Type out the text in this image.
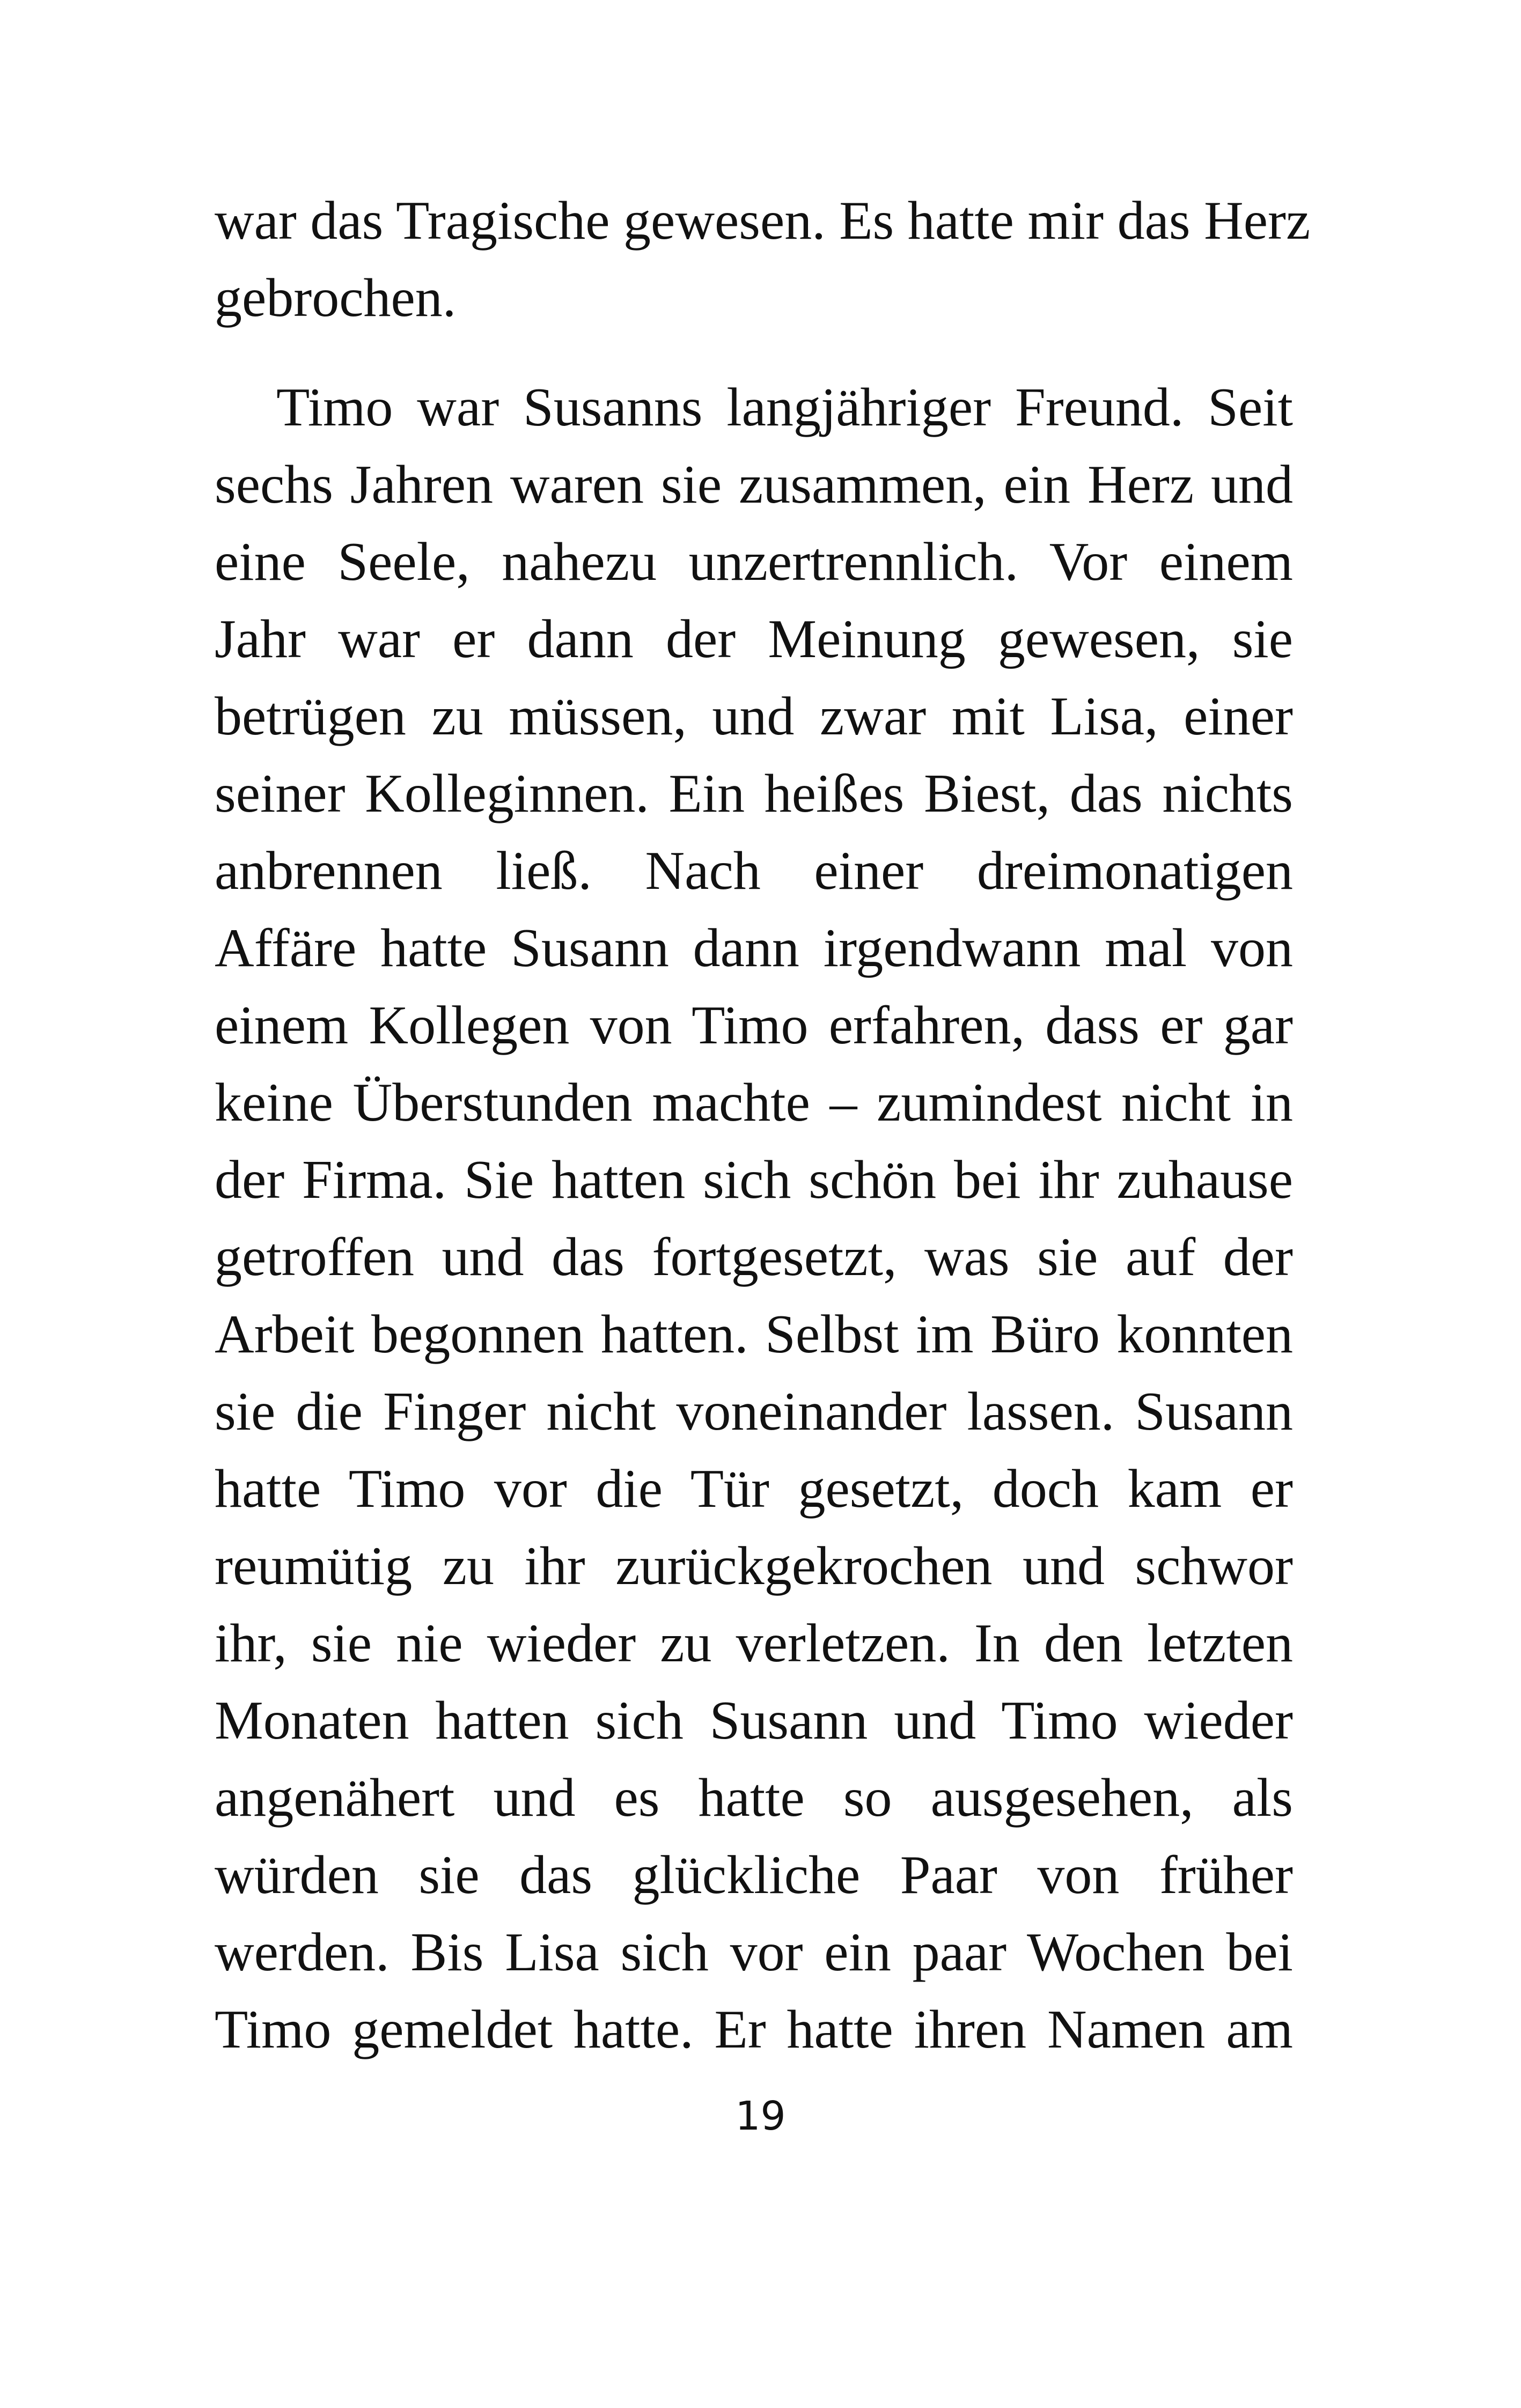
war das Tragische gewesen. Es hatte mir das Herz
gebrochen.
Timo war Susanns langjähriger Freund. Seit
sechs Jahren waren sie zusammen, ein Herz und
eine Seele, nahezu unzertrennlich. Vor einem
Jahr war er dann der Meinung gewesen, sie
betrügen zu müssen, und zwar mit Lisa, einer
seiner Kolleginnen. Ein heißes Biest, das nichts
anbrennen ließ. Nach einer dreimonatigen
Affäre hatte Susann dann irgendwann mal von
einem Kollegen von Timo erfahren, dass er gar
keine Überstunden machte – zumindest nicht in
der Firma. Sie hatten sich schön bei ihr zuhause
getroffen und das fortgesetzt, was sie auf der
Arbeit begonnen hatten. Selbst im Büro konnten
sie die Finger nicht voneinander lassen. Susann
hatte Timo vor die Tür gesetzt, doch kam er
reumütig zu ihr zurückgekrochen und schwor
ihr, sie nie wieder zu verletzen. In den letzten
Monaten hatten sich Susann und Timo wieder
angenähert und es hatte so ausgesehen, als
würden sie das glückliche Paar von früher
werden. Bis Lisa sich vor ein paar Wochen bei
Timo gemeldet hatte. Er hatte ihren Namen am
19
